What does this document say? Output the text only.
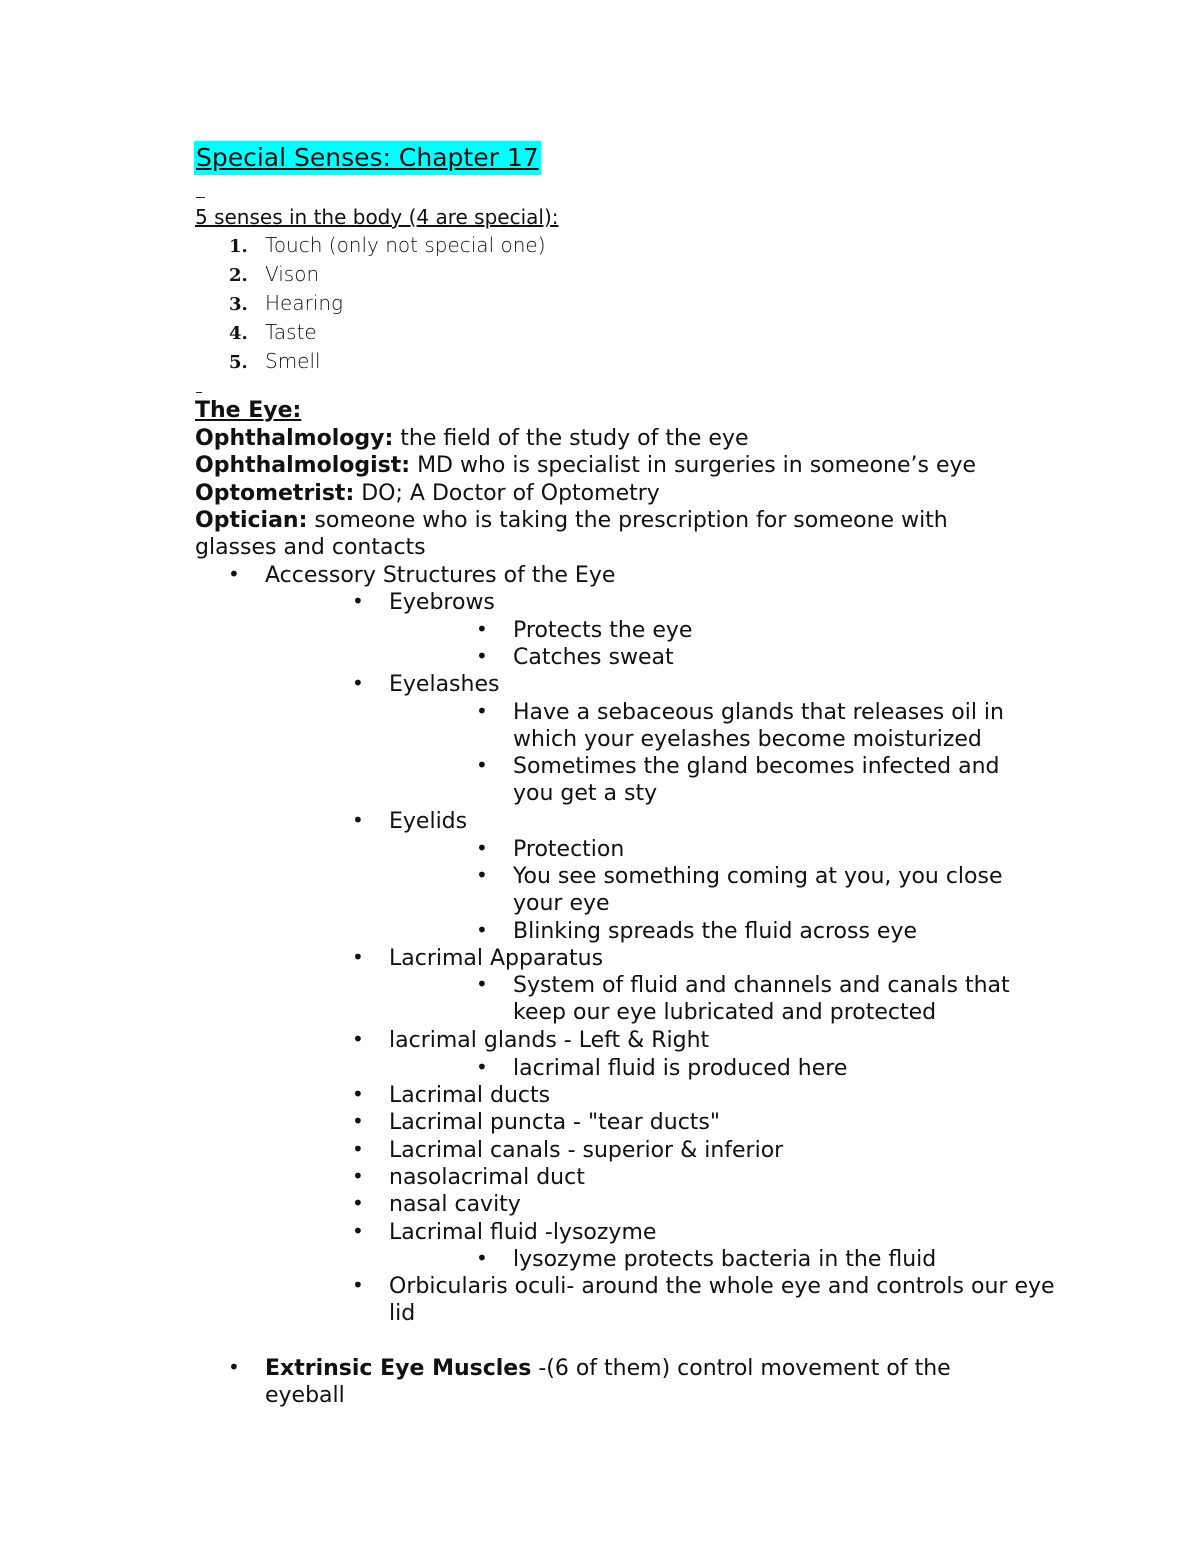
Special Senses: Chapter 17
5 senses in the body (4 are special):
1. Touch (only not special one)
2. Vison
3. Hearing
4. Taste
5. Smell
The Eye:
Ophthalmology: the field of the study of the eye
Ophthalmologist: MD who is specialist in surgeries in someone’s eye
Optometrist: DO; A Doctor of Optometry
Optician: someone who is taking the prescription for someone with glasses and contacts
• Accessory Structures of the Eye
• Eyebrows
• Protects the eye
• Catches sweat
• Eyelashes
• Have a sebaceous glands that releases oil in which your eyelashes become moisturized
• Sometimes the gland becomes infected and you get a sty
• Eyelids
• Protection
• You see something coming at you, you close your eye
• Blinking spreads the fluid across eye
• Lacrimal Apparatus
• System of fluid and channels and canals that keep our eye lubricated and protected
• lacrimal glands - Left & Right
• lacrimal fluid is produced here
• Lacrimal ducts
• Lacrimal puncta - "tear ducts"
• Lacrimal canals - superior & inferior
• nasolacrimal duct
• nasal cavity
• Lacrimal fluid -lysozyme
• lysozyme protects bacteria in the fluid
• Orbicularis oculi- around the whole eye and controls our eye lid
• Extrinsic Eye Muscles -(6 of them) control movement of the eyeball
